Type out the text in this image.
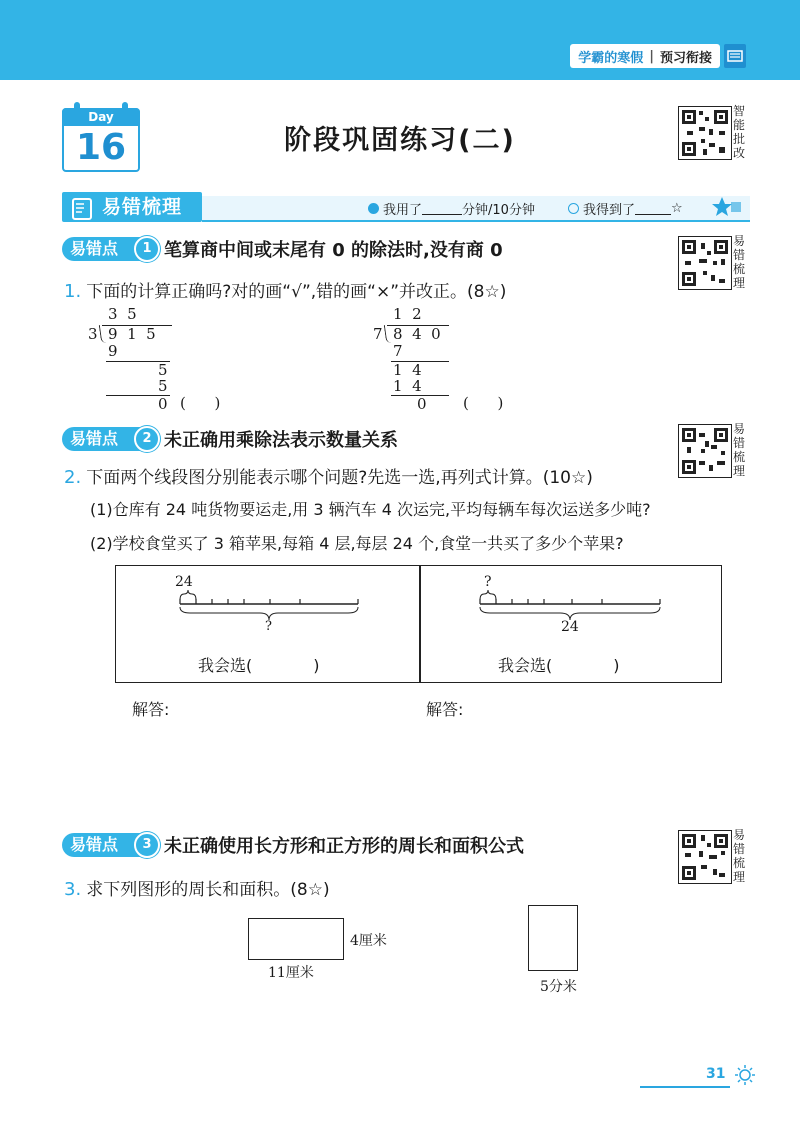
学霸的寒假 | 预习衔接
Day
16	阶段巩固练习(二)
智
能
批
改
易错梳理	我用了	分钟/10分钟	我得到了	☆
易错点	1 笔算商中间或末尾有 0 的除法时,没有商 0	易
错
梳
理
1. 下面的计算正确吗?对的画“√”,错的画“×”并改正。(8☆)
3  5
3 9  1  5
9
5
5
0 (      )
1  2
7 8  4  0
7
1  4
1  4
0 (      )
易错点	2 未正确用乘除法表示数量关系
易
错
梳
理
2. 下面两个线段图分别能表示哪个问题?先选一选,再列式计算。(10☆)
(1)仓库有 24 吨货物要运走,用 3 辆汽车 4 次运完,平均每辆车每次运送多少吨?
(2)学校食堂买了 3 箱苹果,每箱 4 层,每层 24 个,食堂一共买了多少个苹果?
24
?
我会选(            )
?
24
我会选(            )
解答:	解答:
易错点	3 未正确使用长方形和正方形的周长和面积公式
易
错
梳
理
3. 求下列图形的周长和面积。(8☆)
4厘米
11厘米
5分米
31
